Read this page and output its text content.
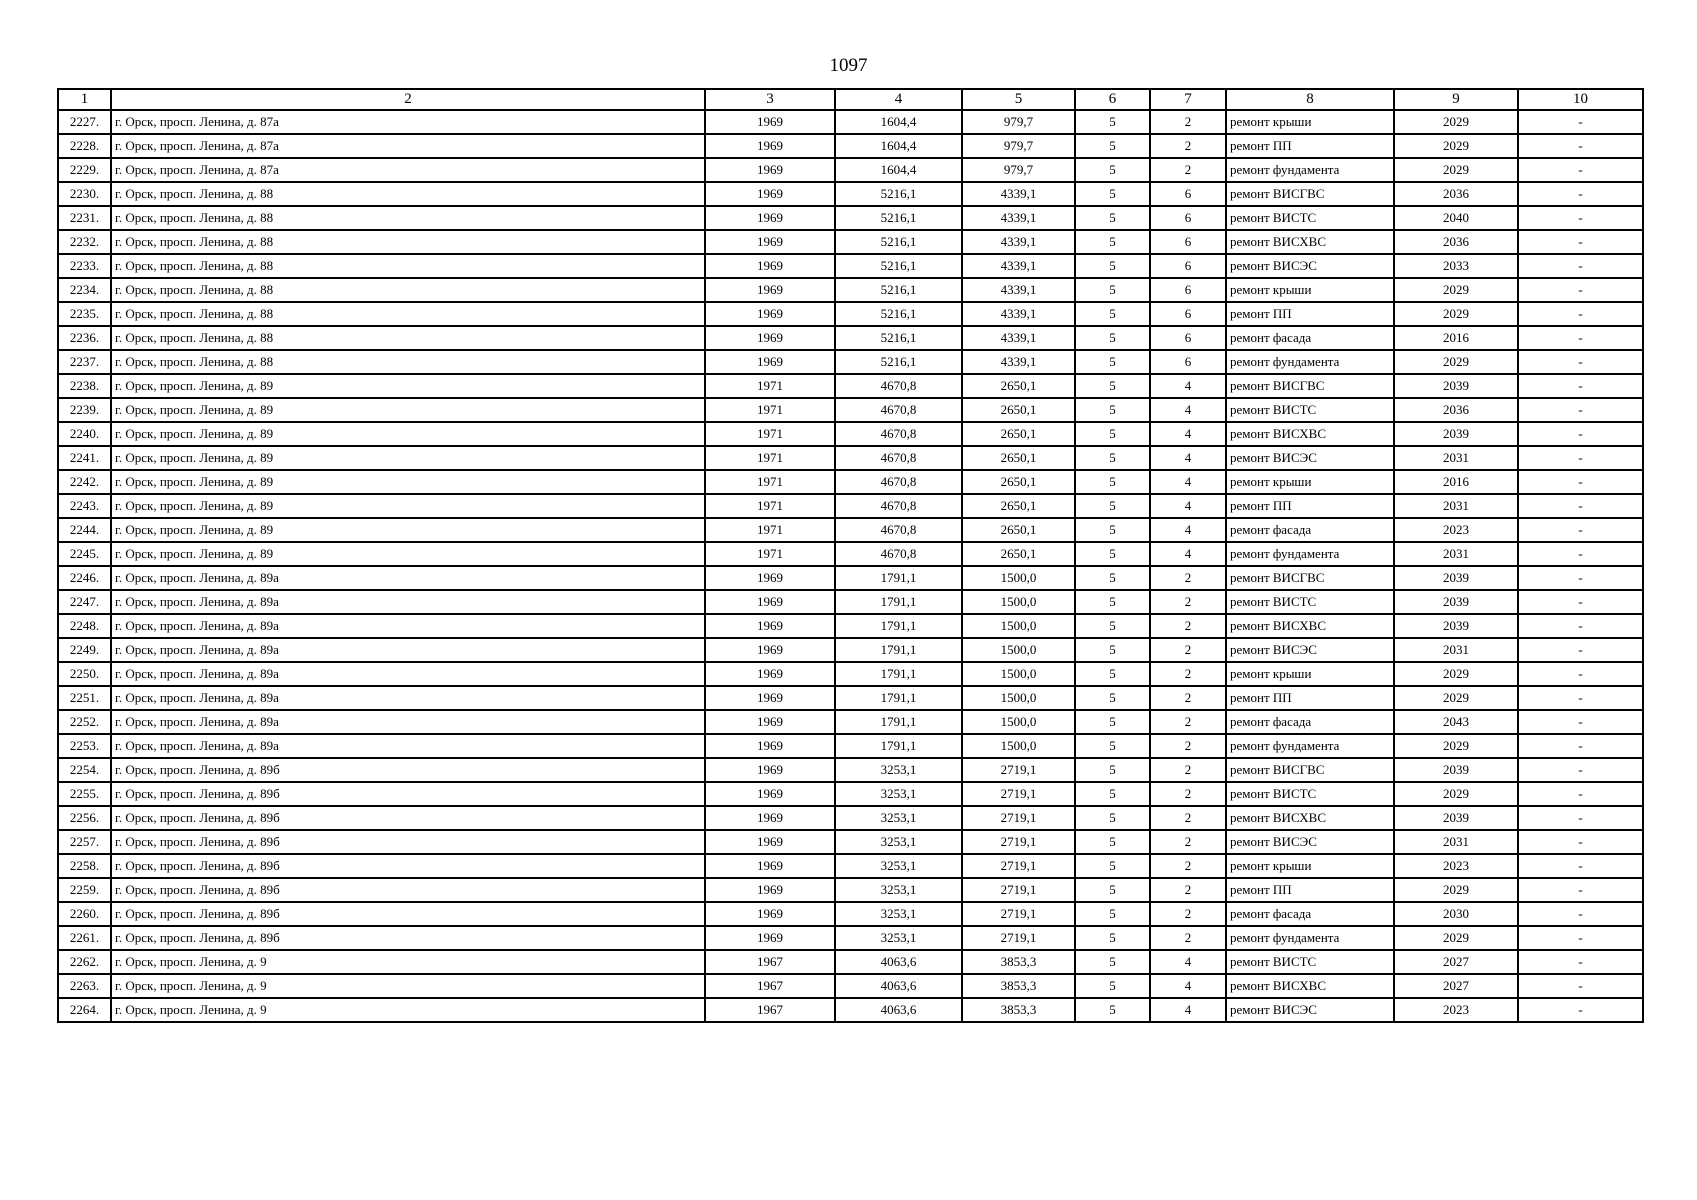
1097
1	2	3	4	5	6	7	8	9	10
2227.	г. Орск, просп. Ленина, д. 87а	1969	1604,4	979,7	5	2	ремонт крыши	2029	-
2228.	г. Орск, просп. Ленина, д. 87а	1969	1604,4	979,7	5	2	ремонт ПП	2029	-
2229.	г. Орск, просп. Ленина, д. 87а	1969	1604,4	979,7	5	2	ремонт фундамента	2029	-
2230.	г. Орск, просп. Ленина, д. 88	1969	5216,1	4339,1	5	6	ремонт ВИСГВС	2036	-
2231.	г. Орск, просп. Ленина, д. 88	1969	5216,1	4339,1	5	6	ремонт ВИСТС	2040	-
2232.	г. Орск, просп. Ленина, д. 88	1969	5216,1	4339,1	5	6	ремонт ВИСХВС	2036	-
2233.	г. Орск, просп. Ленина, д. 88	1969	5216,1	4339,1	5	6	ремонт ВИСЭС	2033	-
2234.	г. Орск, просп. Ленина, д. 88	1969	5216,1	4339,1	5	6	ремонт крыши	2029	-
2235.	г. Орск, просп. Ленина, д. 88	1969	5216,1	4339,1	5	6	ремонт ПП	2029	-
2236.	г. Орск, просп. Ленина, д. 88	1969	5216,1	4339,1	5	6	ремонт фасада	2016	-
2237.	г. Орск, просп. Ленина, д. 88	1969	5216,1	4339,1	5	6	ремонт фундамента	2029	-
2238.	г. Орск, просп. Ленина, д. 89	1971	4670,8	2650,1	5	4	ремонт ВИСГВС	2039	-
2239.	г. Орск, просп. Ленина, д. 89	1971	4670,8	2650,1	5	4	ремонт ВИСТС	2036	-
2240.	г. Орск, просп. Ленина, д. 89	1971	4670,8	2650,1	5	4	ремонт ВИСХВС	2039	-
2241.	г. Орск, просп. Ленина, д. 89	1971	4670,8	2650,1	5	4	ремонт ВИСЭС	2031	-
2242.	г. Орск, просп. Ленина, д. 89	1971	4670,8	2650,1	5	4	ремонт крыши	2016	-
2243.	г. Орск, просп. Ленина, д. 89	1971	4670,8	2650,1	5	4	ремонт ПП	2031	-
2244.	г. Орск, просп. Ленина, д. 89	1971	4670,8	2650,1	5	4	ремонт фасада	2023	-
2245.	г. Орск, просп. Ленина, д. 89	1971	4670,8	2650,1	5	4	ремонт фундамента	2031	-
2246.	г. Орск, просп. Ленина, д. 89а	1969	1791,1	1500,0	5	2	ремонт ВИСГВС	2039	-
2247.	г. Орск, просп. Ленина, д. 89а	1969	1791,1	1500,0	5	2	ремонт ВИСТС	2039	-
2248.	г. Орск, просп. Ленина, д. 89а	1969	1791,1	1500,0	5	2	ремонт ВИСХВС	2039	-
2249.	г. Орск, просп. Ленина, д. 89а	1969	1791,1	1500,0	5	2	ремонт ВИСЭС	2031	-
2250.	г. Орск, просп. Ленина, д. 89а	1969	1791,1	1500,0	5	2	ремонт крыши	2029	-
2251.	г. Орск, просп. Ленина, д. 89а	1969	1791,1	1500,0	5	2	ремонт ПП	2029	-
2252.	г. Орск, просп. Ленина, д. 89а	1969	1791,1	1500,0	5	2	ремонт фасада	2043	-
2253.	г. Орск, просп. Ленина, д. 89а	1969	1791,1	1500,0	5	2	ремонт фундамента	2029	-
2254.	г. Орск, просп. Ленина, д. 89б	1969	3253,1	2719,1	5	2	ремонт ВИСГВС	2039	-
2255.	г. Орск, просп. Ленина, д. 89б	1969	3253,1	2719,1	5	2	ремонт ВИСТС	2029	-
2256.	г. Орск, просп. Ленина, д. 89б	1969	3253,1	2719,1	5	2	ремонт ВИСХВС	2039	-
2257.	г. Орск, просп. Ленина, д. 89б	1969	3253,1	2719,1	5	2	ремонт ВИСЭС	2031	-
2258.	г. Орск, просп. Ленина, д. 89б	1969	3253,1	2719,1	5	2	ремонт крыши	2023	-
2259.	г. Орск, просп. Ленина, д. 89б	1969	3253,1	2719,1	5	2	ремонт ПП	2029	-
2260.	г. Орск, просп. Ленина, д. 89б	1969	3253,1	2719,1	5	2	ремонт фасада	2030	-
2261.	г. Орск, просп. Ленина, д. 89б	1969	3253,1	2719,1	5	2	ремонт фундамента	2029	-
2262.	г. Орск, просп. Ленина, д. 9	1967	4063,6	3853,3	5	4	ремонт ВИСТС	2027	-
2263.	г. Орск, просп. Ленина, д. 9	1967	4063,6	3853,3	5	4	ремонт ВИСХВС	2027	-
2264.	г. Орск, просп. Ленина, д. 9	1967	4063,6	3853,3	5	4	ремонт ВИСЭС	2023	-
